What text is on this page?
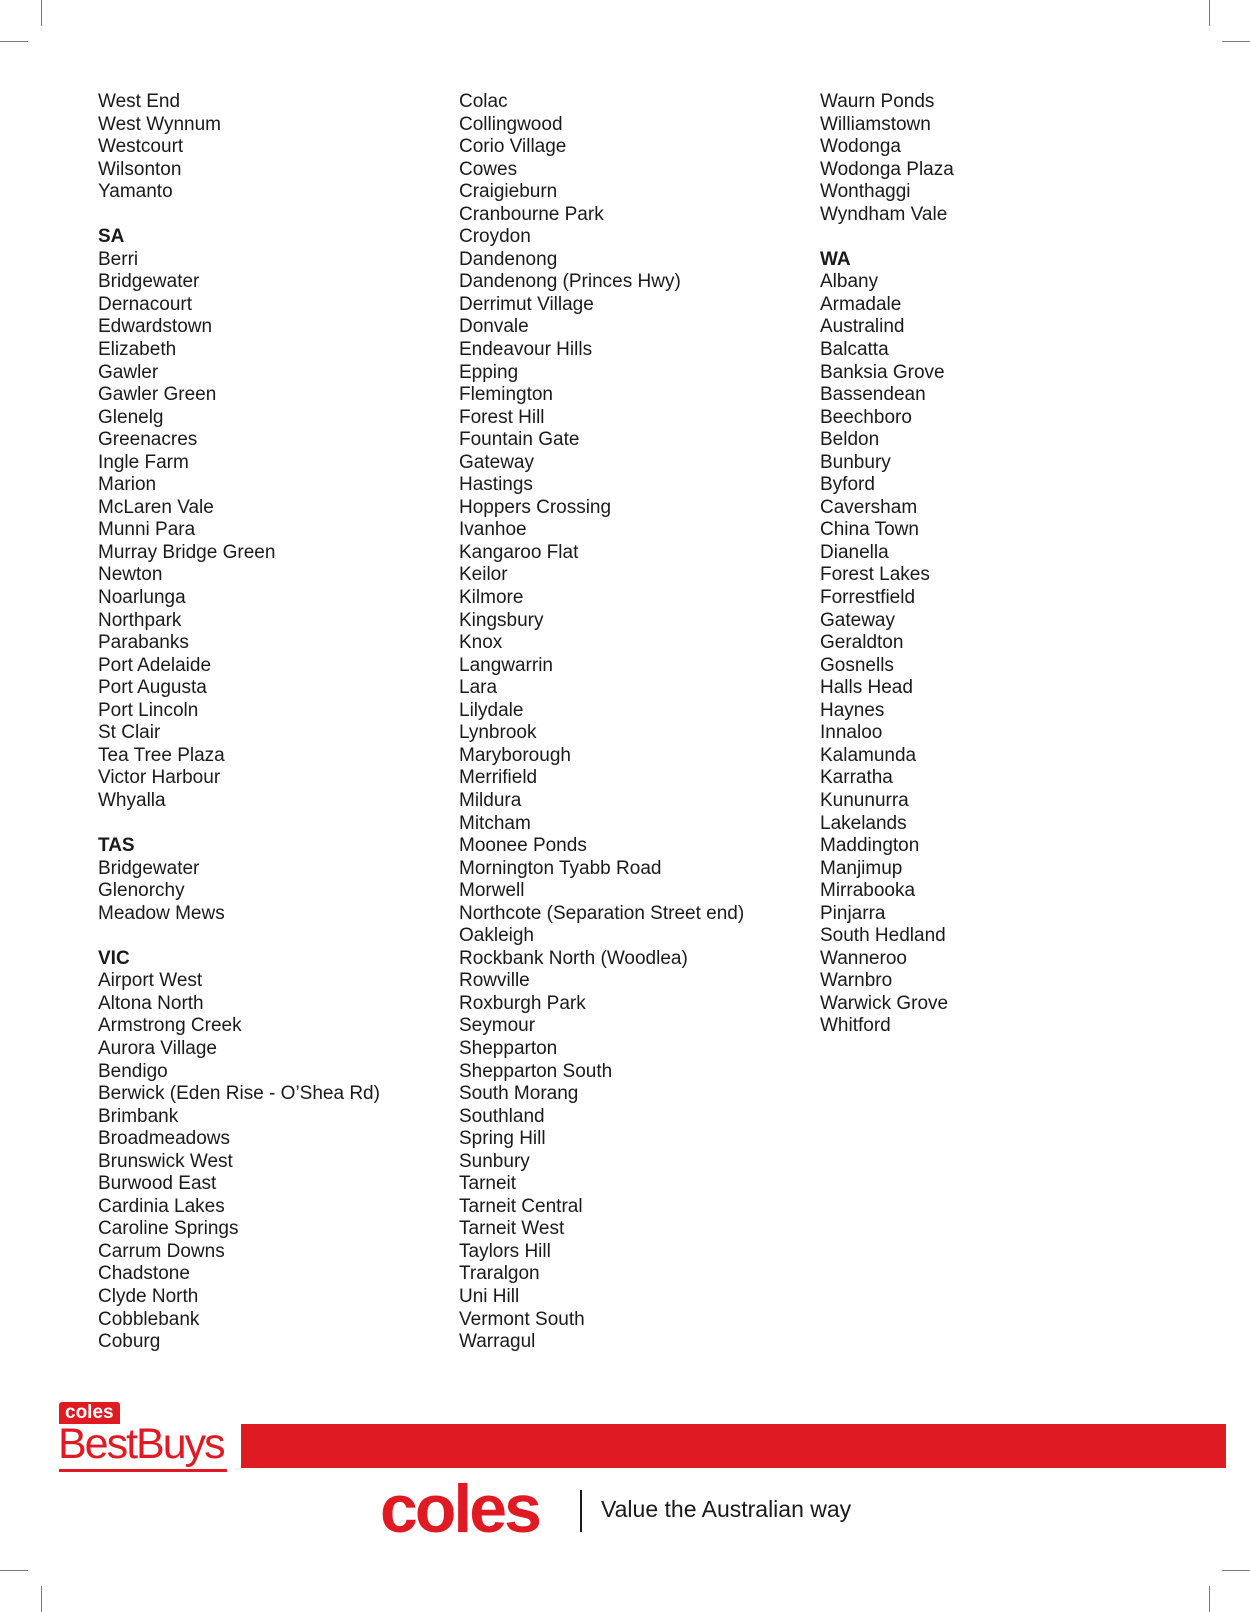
West End
West Wynnum
Westcourt
Wilsonton
Yamanto
SA
Berri
Bridgewater
Dernacourt
Edwardstown
Elizabeth
Gawler
Gawler Green
Glenelg
Greenacres
Ingle Farm
Marion
McLaren Vale
Munni Para
Murray Bridge Green
Newton
Noarlunga
Northpark
Parabanks
Port Adelaide
Port Augusta
Port Lincoln
St Clair
Tea Tree Plaza
Victor Harbour
Whyalla
TAS
Bridgewater
Glenorchy
Meadow Mews
VIC
Airport West
Altona North
Armstrong Creek
Aurora Village
Bendigo
Berwick (Eden Rise - O’Shea Rd)
Brimbank
Broadmeadows
Brunswick West
Burwood East
Cardinia Lakes
Caroline Springs
Carrum Downs
Chadstone
Clyde North
Cobblebank
Coburg
Colac
Collingwood
Corio Village
Cowes
Craigieburn
Cranbourne Park
Croydon
Dandenong
Dandenong (Princes Hwy)
Derrimut Village
Donvale
Endeavour Hills
Epping
Flemington
Forest Hill
Fountain Gate
Gateway
Hastings
Hoppers Crossing
Ivanhoe
Kangaroo Flat
Keilor
Kilmore
Kingsbury
Knox
Langwarrin
Lara
Lilydale
Lynbrook
Maryborough
Merrifield
Mildura
Mitcham
Moonee Ponds
Mornington Tyabb Road
Morwell
Northcote (Separation Street end)
Oakleigh
Rockbank North (Woodlea)
Rowville
Roxburgh Park
Seymour
Shepparton
Shepparton South
South Morang
Southland
Spring Hill
Sunbury
Tarneit
Tarneit Central
Tarneit West
Taylors Hill
Traralgon
Uni Hill
Vermont South
Warragul
Waurn Ponds
Williamstown
Wodonga
Wodonga Plaza
Wonthaggi
Wyndham Vale
WA
Albany
Armadale
Australind
Balcatta
Banksia Grove
Bassendean
Beechboro
Beldon
Bunbury
Byford
Caversham
China Town
Dianella
Forest Lakes
Forrestfield
Gateway
Geraldton
Gosnells
Halls Head
Haynes
Innaloo
Kalamunda
Karratha
Kununurra
Lakelands
Maddington
Manjimup
Mirrabooka
Pinjarra
South Hedland
Wanneroo
Warnbro
Warwick Grove
Whitford
coles
BestBuys
coles	Value the Australian way
